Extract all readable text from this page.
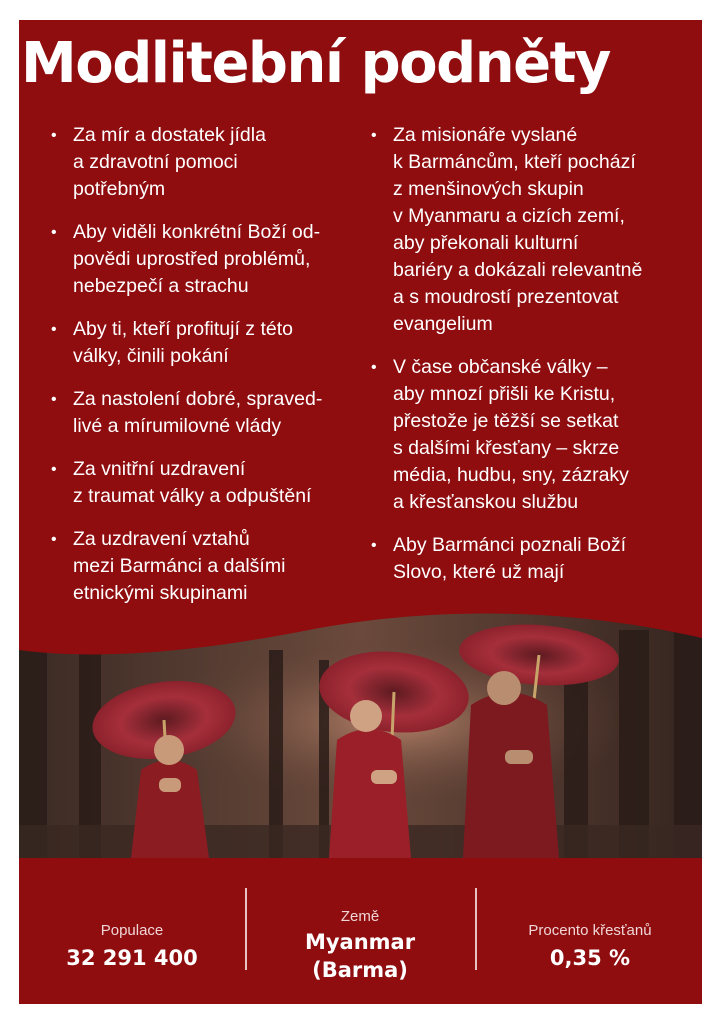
Modlitební podněty
• Za mír a dostatek jídla
a zdravotní pomoci
potřebným
• Aby viděli konkrétní Boží od-
povědi uprostřed problémů,
nebezpečí a strachu
• Aby ti, kteří profitují z této
války, činili pokání
• Za nastolení dobré, spraved-
livé a mírumilovné vlády
• Za vnitřní uzdravení
z traumat války a odpuštění
• Za uzdravení vztahů
mezi Barmánci a dalšími
etnickými skupinami

• Za misionáře vyslané
k Barmáncům, kteří pochází
z menšinových skupin
v Myanmaru a cizích zemí,
aby překonali kulturní
bariéry a dokázali relevantně
a s moudrostí prezentovat
evangelium
• V čase občanské války –
aby mnozí přišli ke Kristu,
přestože je těžší se setkat
s dalšími křesťany – skrze
média, hudbu, sny, zázraky
a křesťanskou službu
• Aby Barmánci poznali Boží
Slovo, které už mají
Populace
32 291 400
Země
Myanmar
(Barma)
Procento křesťanů
0,35 %
